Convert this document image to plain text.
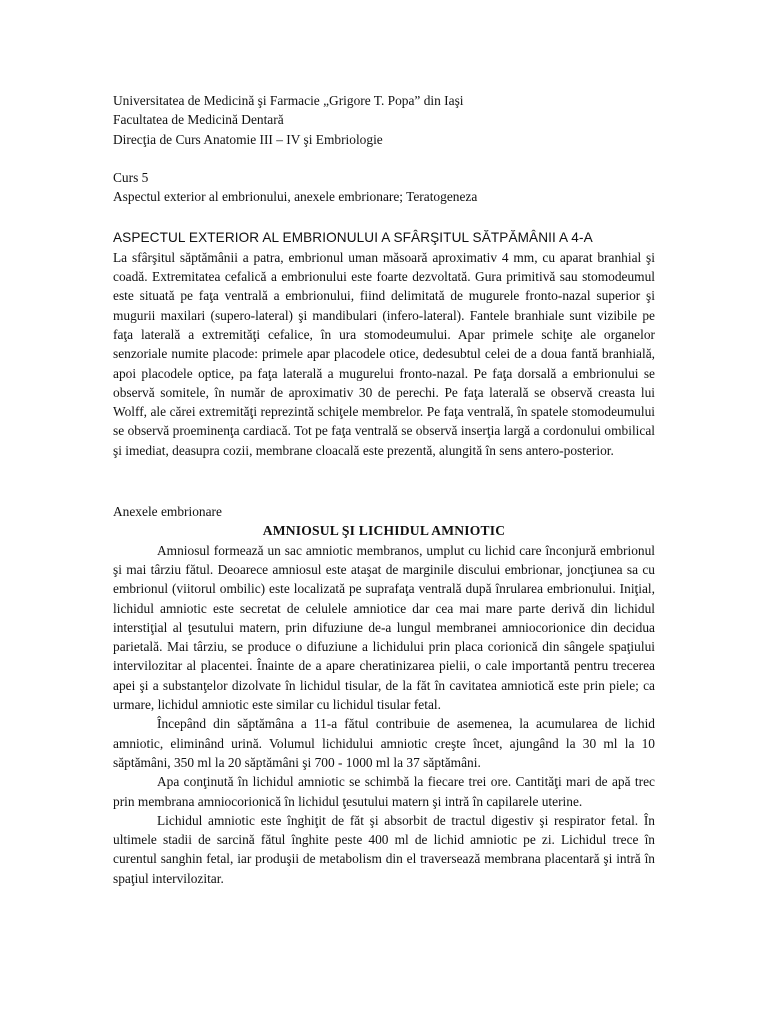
Universitatea de Medicină şi Farmacie „Grigore T. Popa” din Iaşi
Facultatea de Medicină Dentară
Direcţia de Curs Anatomie III – IV şi Embriologie
Curs 5
Aspectul exterior al embrionului, anexele embrionare; Teratogeneza
ASPECTUL EXTERIOR AL EMBRIONULUI A SFÂRŞITUL SĂTPĂMÂNII A 4-A
La sfârşitul săptămânii a patra, embrionul uman măsoară aproximativ 4 mm, cu aparat branhial şi coadă. Extremitatea cefalică a embrionului este foarte dezvoltată. Gura primitivă sau stomodeumul este situată pe faţa ventrală a embrionului, fiind delimitată de mugurele fronto-nazal superior şi mugurii maxilari (supero-lateral) şi mandibulari (infero-lateral). Fantele branhiale sunt vizibile pe faţa laterală a extremităţi cefalice, în ura stomodeumului. Apar primele schiţe ale organelor senzoriale numite placode: primele apar placodele otice, dedesubtul celei de a doua fantă branhială, apoi placodele optice, pa faţa laterală a mugurelui fronto-nazal. Pe faţa dorsală a embrionului se observă somitele, în număr de aproximativ 30 de perechi. Pe faţa laterală se observă creasta lui Wolff, ale cărei extremităţi reprezintă schiţele membrelor. Pe faţa ventrală, în spatele stomodeumului se observă proeminenţa cardiacă. Tot pe faţa ventrală se observă inserţia largă a cordonului ombilical şi imediat, deasupra cozii, membrane cloacală este prezentă, alungită în sens antero-posterior.
Anexele embrionare
AMNIOSUL ŞI LICHIDUL AMNIOTIC

Amniosul formează un sac amniotic membranos, umplut cu lichid care înconjură embrionul şi mai târziu fătul. Deoarece amniosul este ataşat de marginile discului embrionar, joncţiunea sa cu embrionul (viitorul ombilic) este localizată pe suprafaţa ventrală după înrularea embrionului. Iniţial, lichidul amniotic este secretat de celulele amniotice dar cea mai mare parte derivă din lichidul interstiţial al ţesutului matern, prin difuziune de-a lungul membranei amniocorionice din decidua parietală. Mai târziu, se produce o difuziune a lichidului prin placa corionică din sângele spaţiului intervilozitar al placentei. Înainte de a apare cheratinizarea pielii, o cale importantă pentru trecerea apei şi a substanţelor dizolvate în lichidul tisular, de la făt în cavitatea amniotică este prin piele; ca urmare, lichidul amniotic este similar cu lichidul tisular fetal.

Începând din săptămâna a 11-a fătul contribuie de asemenea, la acumularea de lichid amniotic, eliminând urină. Volumul lichidului amniotic creşte încet, ajungând la 30 ml la 10 săptămâni, 350 ml la 20 săptămâni şi 700 - 1000 ml la 37 săptămâni.

Apa conţinută în lichidul amniotic se schimbă la fiecare trei ore. Cantităţi mari de apă trec prin membrana amniocorionică în lichidul ţesutului matern şi intră în capilarele uterine.

Lichidul amniotic este înghiţit de făt şi absorbit de tractul digestiv şi respirator fetal. În ultimele stadii de sarcină fătul înghite peste 400 ml de lichid amniotic pe zi. Lichidul trece în curentul sanghin fetal, iar produşii de metabolism din el traversează membrana placentară şi intră în spaţiul intervilozitar.
